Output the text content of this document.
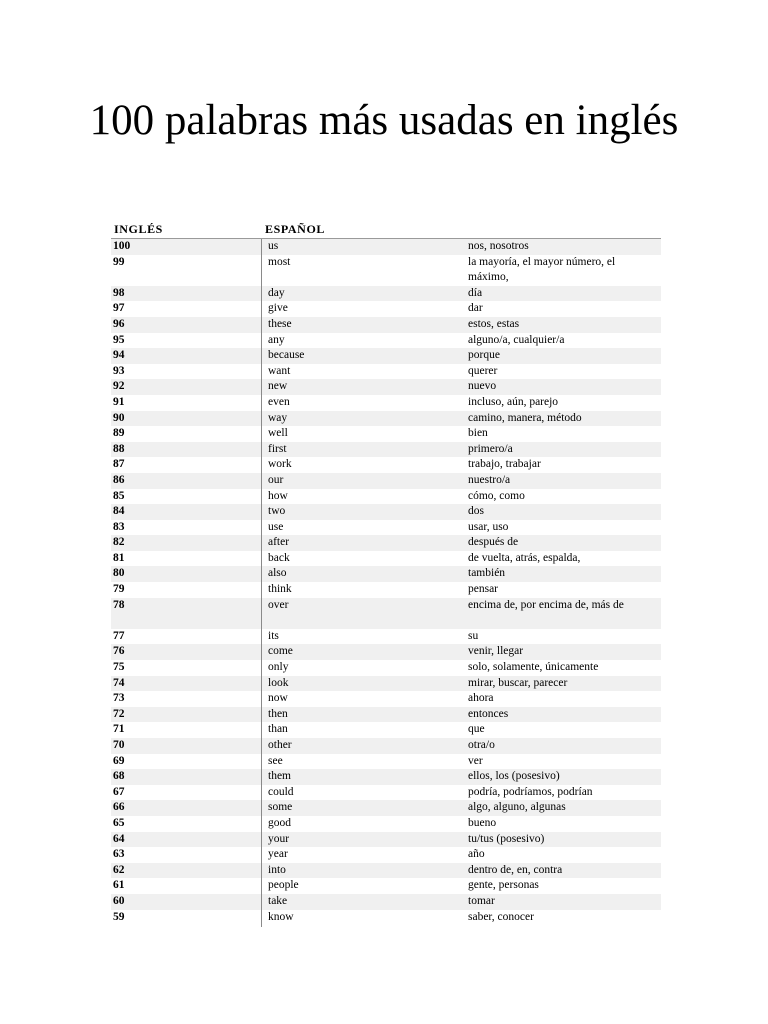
100 palabras más usadas en inglés
INGLÉS	ESPAÑOL
100	us	nos, nosotros
99	most	la mayoría, el mayor número, el máximo,
98	day	día
97	give	dar
96	these	estos, estas
95	any	alguno/a, cualquier/a
94	because	porque
93	want	querer
92	new	nuevo
91	even	incluso, aún, parejo
90	way	camino, manera, método
89	well	bien
88	first	primero/a
87	work	trabajo, trabajar
86	our	nuestro/a
85	how	cómo, como
84	two	dos
83	use	usar, uso
82	after	después de
81	back	de vuelta, atrás, espalda,
80	also	también
79	think	pensar
78	over	encima de, por encima de, más de
77	its	su
76	come	venir, llegar
75	only	solo, solamente, únicamente
74	look	mirar, buscar, parecer
73	now	ahora
72	then	entonces
71	than	que
70	other	otra/o
69	see	ver
68	them	ellos, los (posesivo)
67	could	podría, podríamos, podrían
66	some	algo, alguno, algunas
65	good	bueno
64	your	tu/tus (posesivo)
63	year	año
62	into	dentro de, en, contra
61	people	gente, personas
60	take	tomar
59	know	saber, conocer
